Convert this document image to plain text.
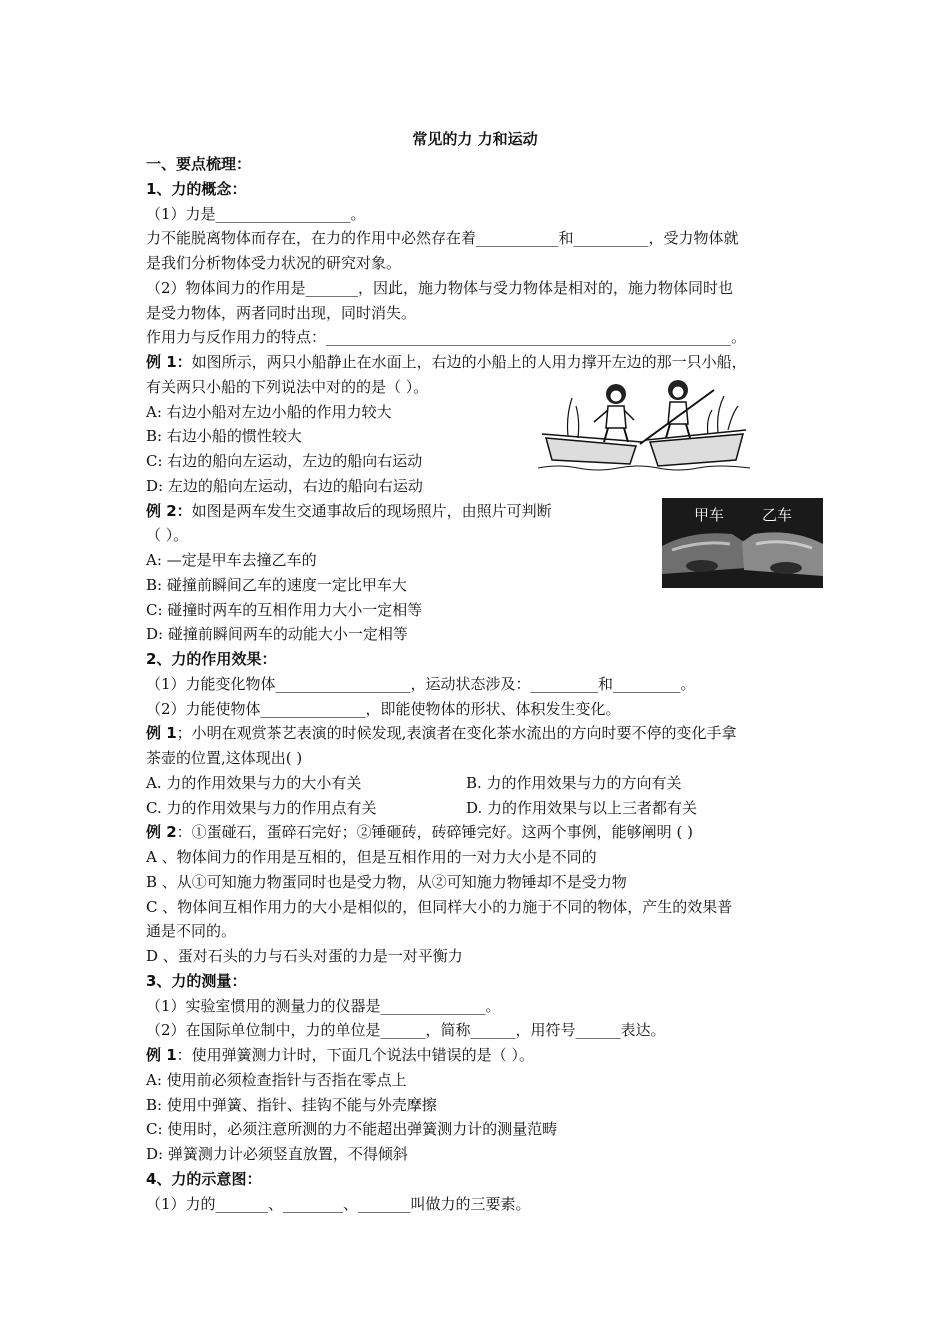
常见的力 力和运动
一、要点梳理：
1、力的概念：
（1）力是__________________。
力不能脱离物体而存在，在力的作用中必然存在着___________和__________，受力物体就
是我们分析物体受力状况的研究对象。
（2）物体间力的作用是_______，因此，施力物体与受力物体是相对的，施力物体同时也
是受力物体，两者同时出现，同时消失。
作用力与反作用力的特点：______________________________________________________。
例 1：如图所示，两只小船静止在水面上，右边的小船上的人用力撑开左边的那一只小船，
有关两只小船的下列说法中对的的是（ ）。
A: 右边小船对左边小船的作用力较大
B: 右边小船的惯性较大
C: 右边的船向左运动，左边的船向右运动
D: 左边的船向左运动，右边的船向右运动
例 2：如图是两车发生交通事故后的现场照片，由照片可判断
（ ）。
A: —定是甲车去撞乙车的
B: 碰撞前瞬间乙车的速度一定比甲车大
C: 碰撞时两车的互相作用力大小一定相等
D: 碰撞前瞬间两车的动能大小一定相等
2、力的作用效果：
（1）力能变化物体__________________，运动状态涉及：_________和_________。
（2）力能使物体______________，即能使物体的形状、体积发生变化。
例 1；小明在观赏茶艺表演的时候发现,表演者在变化茶水流出的方向时要不停的变化手拿
茶壶的位置,这体现出( )
A. 力的作用效果与力的大小有关	B. 力的作用效果与力的方向有关
C. 力的作用效果与力的作用点有关	D. 力的作用效果与以上三者都有关
例 2：①蛋碰石，蛋碎石完好；②锤砸砖，砖碎锤完好。这两个事例，能够阐明 ( )
A 、物体间力的作用是互相的，但是互相作用的一对力大小是不同的
B 、从①可知施力物蛋同时也是受力物，从②可知施力物锤却不是受力物
C 、物体间互相作用力的大小是相似的，但同样大小的力施于不同的物体，产生的效果普
通是不同的。
D 、蛋对石头的力与石头对蛋的力是一对平衡力
3、力的测量：
（1）实验室惯用的测量力的仪器是______________。
（2）在国际单位制中，力的单位是______，简称______，用符号______表达。
例 1：使用弹簧测力计时，下面几个说法中错误的是（ ）。
A: 使用前必须检查指针与否指在零点上
B: 使用中弹簧、指针、挂钩不能与外壳摩擦
C: 使用时，必须注意所测的力不能超出弹簧测力计的测量范畴
D: 弹簧测力计必须竖直放置，不得倾斜
4、力的示意图：
（1）力的_______、________、_______叫做力的三要素。
甲车	乙车
